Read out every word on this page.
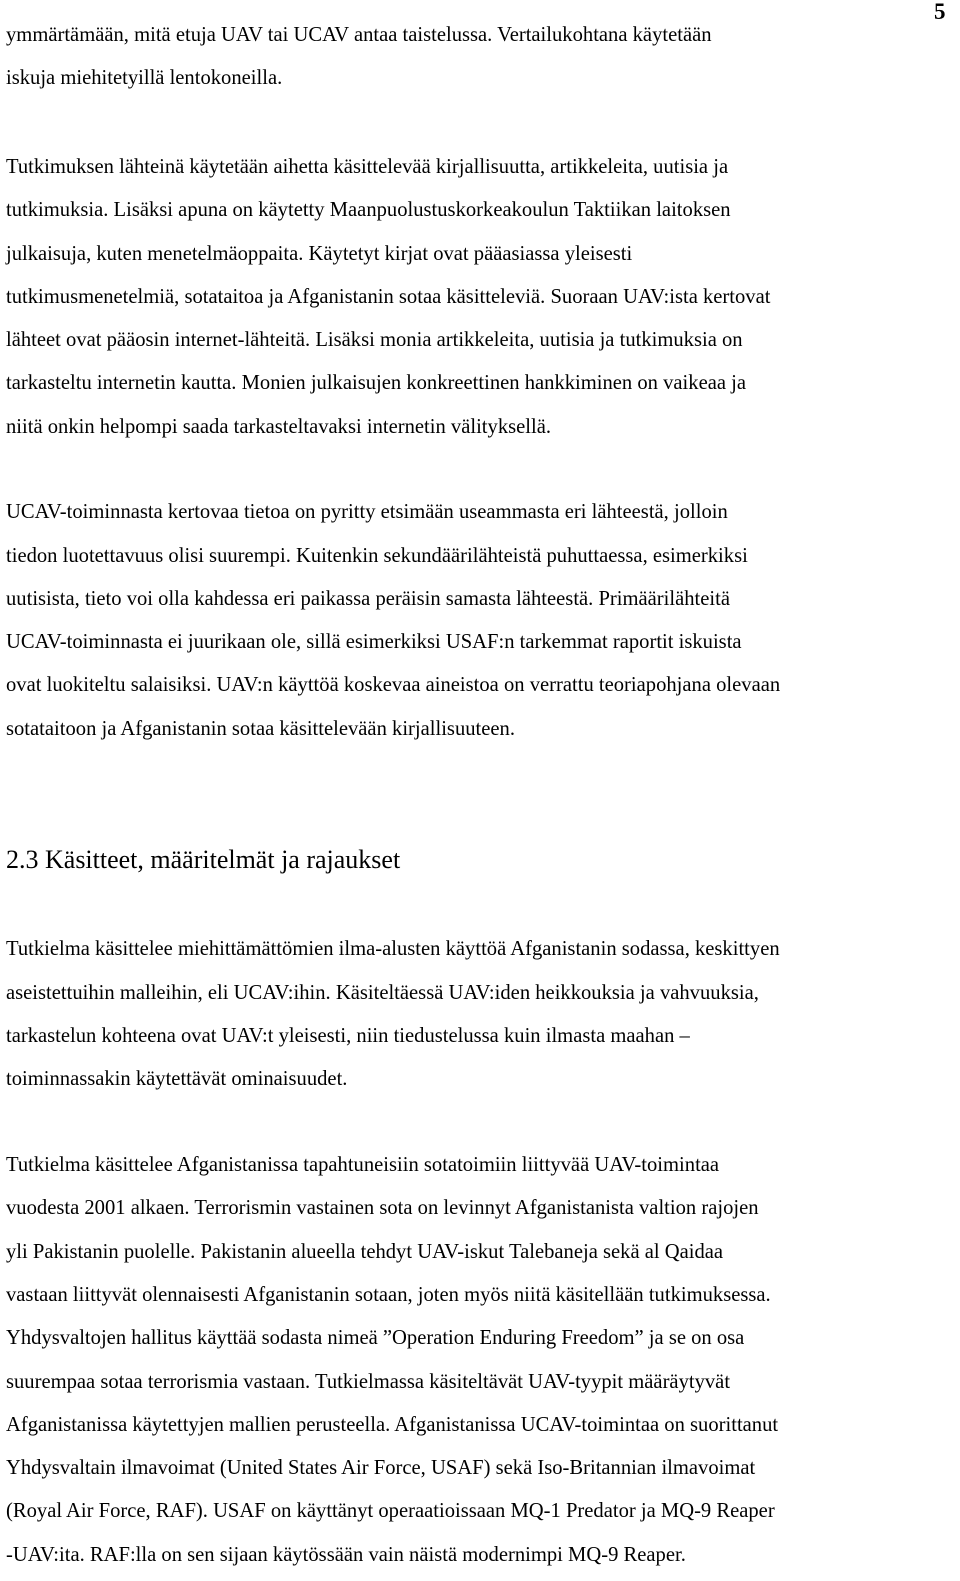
5
ymmärtämään, mitä etuja UAV tai UCAV antaa taistelussa. Vertailukohtana käytetään
iskuja miehitetyillä lentokoneilla.
Tutkimuksen lähteinä käytetään aihetta käsittelevää kirjallisuutta, artikkeleita, uutisia ja
tutkimuksia. Lisäksi apuna on käytetty Maanpuolustuskorkeakoulun Taktiikan laitoksen
julkaisuja, kuten menetelmäoppaita. Käytetyt kirjat ovat pääasiassa yleisesti
tutkimusmenetelmiä, sotataitoa ja Afganistanin sotaa käsitteleviä. Suoraan UAV:ista kertovat
lähteet ovat pääosin internet-lähteitä. Lisäksi monia artikkeleita, uutisia ja tutkimuksia on
tarkasteltu internetin kautta. Monien julkaisujen konkreettinen hankkiminen on vaikeaa ja
niitä onkin helpompi saada tarkasteltavaksi internetin välityksellä.
UCAV-toiminnasta kertovaa tietoa on pyritty etsimään useammasta eri lähteestä, jolloin
tiedon luotettavuus olisi suurempi. Kuitenkin sekundäärilähteistä puhuttaessa, esimerkiksi
uutisista, tieto voi olla kahdessa eri paikassa peräisin samasta lähteestä. Primäärilähteitä
UCAV-toiminnasta ei juurikaan ole, sillä esimerkiksi USAF:n tarkemmat raportit iskuista
ovat luokiteltu salaisiksi. UAV:n käyttöä koskevaa aineistoa on verrattu teoriapohjana olevaan
sotataitoon ja Afganistanin sotaa käsittelevään kirjallisuuteen.
2.3 Käsitteet, määritelmät ja rajaukset
Tutkielma käsittelee miehittämättömien ilma-alusten käyttöä Afganistanin sodassa, keskittyen
aseistettuihin malleihin, eli UCAV:ihin. Käsiteltäessä UAV:iden heikkouksia ja vahvuuksia,
tarkastelun kohteena ovat UAV:t yleisesti, niin tiedustelussa kuin ilmasta maahan –
toiminnassakin käytettävät ominaisuudet.
Tutkielma käsittelee Afganistanissa tapahtuneisiin sotatoimiin liittyvää UAV-toimintaa
vuodesta 2001 alkaen. Terrorismin vastainen sota on levinnyt Afganistanista valtion rajojen
yli Pakistanin puolelle. Pakistanin alueella tehdyt UAV-iskut Talebaneja sekä al Qaidaa
vastaan liittyvät olennaisesti Afganistanin sotaan, joten myös niitä käsitellään tutkimuksessa.
Yhdysvaltojen hallitus käyttää sodasta nimeä ”Operation Enduring Freedom” ja se on osa
suurempaa sotaa terrorismia vastaan. Tutkielmassa käsiteltävät UAV-tyypit määräytyvät
Afganistanissa käytettyjen mallien perusteella. Afganistanissa UCAV-toimintaa on suorittanut
Yhdysvaltain ilmavoimat (United States Air Force, USAF) sekä Iso-Britannian ilmavoimat
(Royal Air Force, RAF). USAF on käyttänyt operaatioissaan MQ-1 Predator ja MQ-9 Reaper
-UAV:ita. RAF:lla on sen sijaan käytössään vain näistä modernimpi MQ-9 Reaper.
